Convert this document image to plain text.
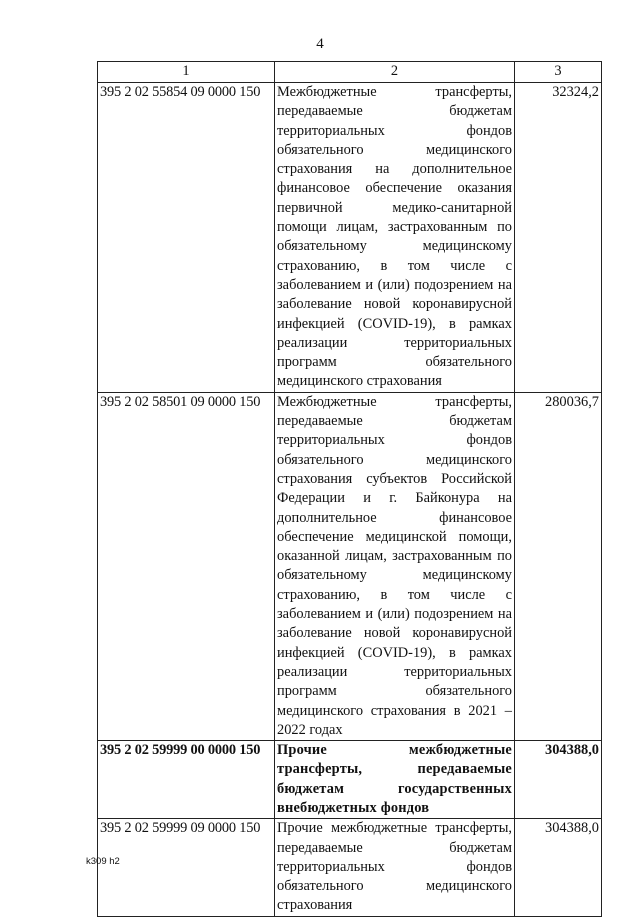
4
1	2	3
395 2 02 55854 09 0000 150	Межбюджетные трансферты, передаваемые бюджетам территориальных фондов обязательного медицинского страхования на дополнительное финансовое обеспечение оказания первичной медико-санитарной помощи лицам, застрахованным по обязательному медицинскому страхованию, в том числе с заболеванием и (или) подозрением на заболевание новой коронавирусной инфекцией (COVID-19), в рамках реализации территориальных программ обязательного медицинского страхования	32324,2
395 2 02 58501 09 0000 150	Межбюджетные трансферты, передаваемые бюджетам территориальных фондов обязательного медицинского страхования субъектов Российской Федерации и г. Байконура на дополнительное финансовое обеспечение медицинской помощи, оказанной лицам, застрахованным по обязательному медицинскому страхованию, в том числе с заболеванием и (или) подозрением на заболевание новой коронавирусной инфекцией (COVID-19), в рамках реализации территориальных программ обязательного медицинского страхования в 2021 – 2022 годах	280036,7
395 2 02 59999 00 0000 150	Прочие межбюджетные трансферты, передаваемые бюджетам государственных внебюджетных фондов	304388,0
395 2 02 59999 09 0000 150	Прочие межбюджетные трансферты, передаваемые бюджетам территориальных фондов обязательного медицинского страхования	304388,0
k309 h2
